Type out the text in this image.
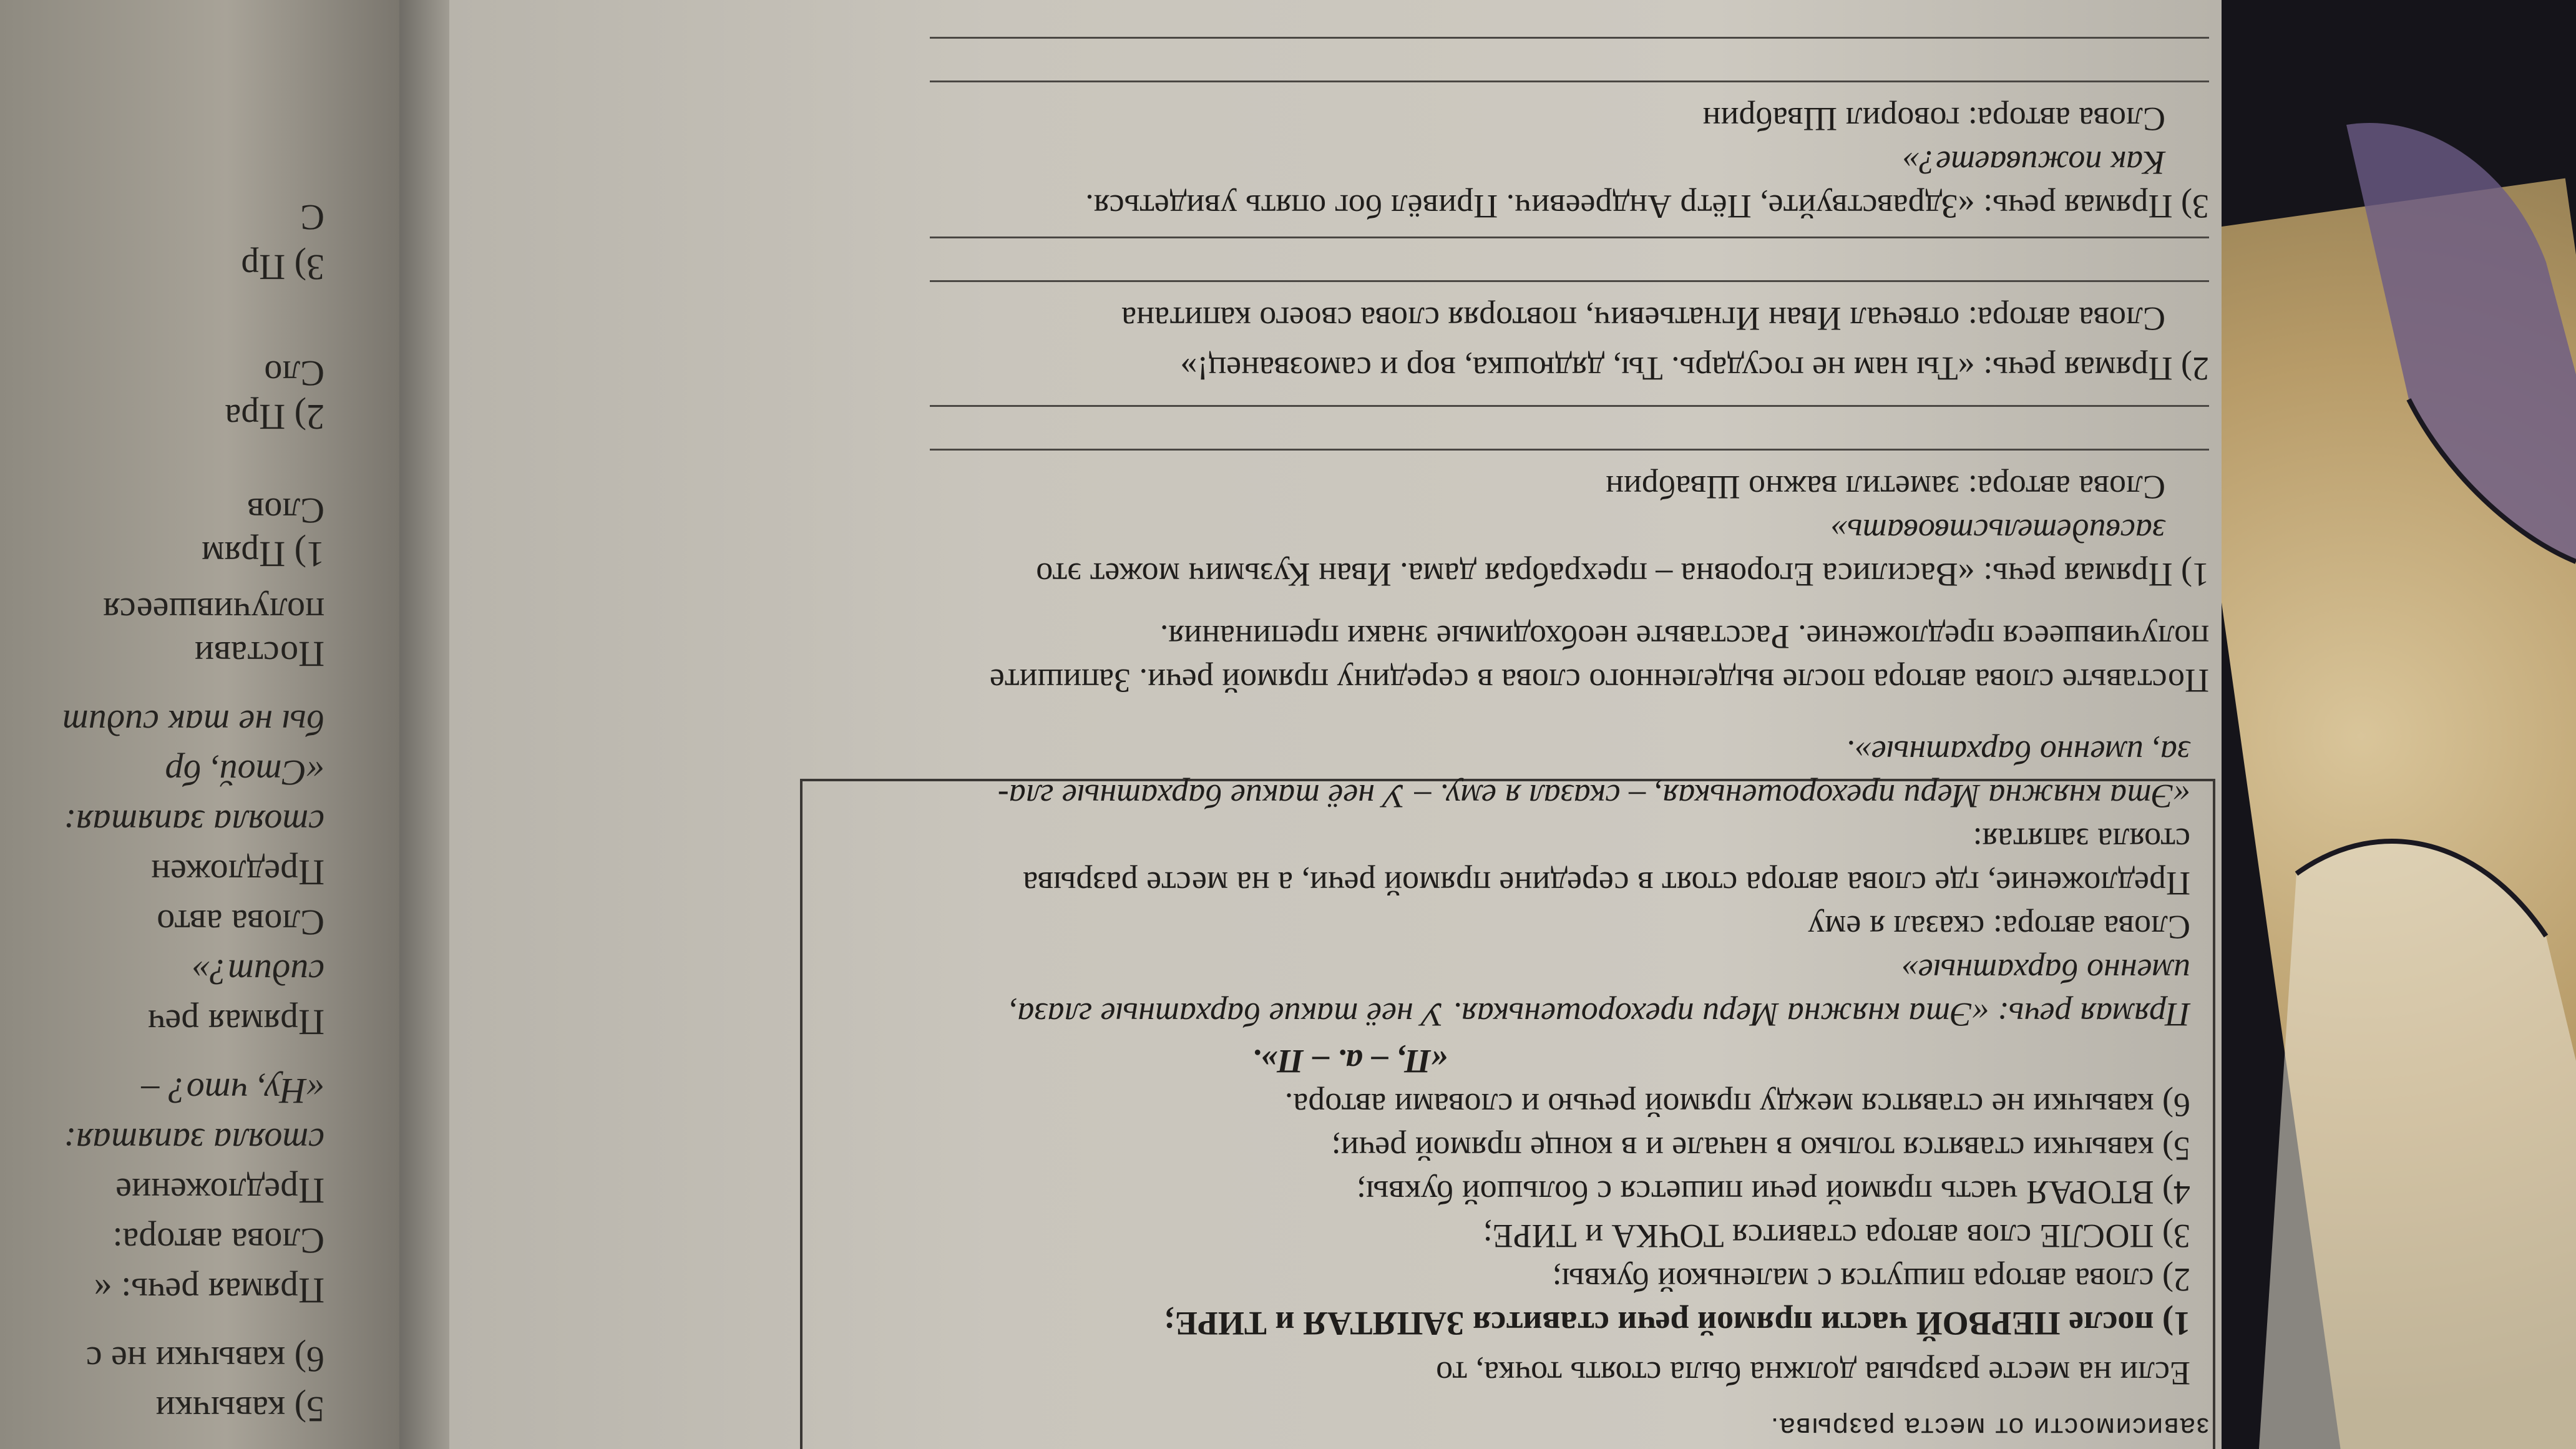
5) кавычки
6) кавычки не с
Прямая речь: «
Слова автора:
Предложение
стояла запятая:
«Ну, что? –
Прямая реч
сидит?»
Слова авто
Предложен
стояла запятая:
«Стой, бр
бы не так сидит
Постави
получившееся
1) Прям
Слов
2) Пра
Сло
3) Пр
С
зависимости от места разрыва.
Если на месте разрыва должна была стоять точка, то
1) после ПЕРВОЙ части прямой речи ставится ЗАПЯТАЯ и ТИРЕ;
2) слова автора пишутся с маленькой буквы;
3) ПОСЛЕ слов автора ставится ТОЧКА и ТИРЕ;
4) ВТОРАЯ часть прямой речи пишется с большой буквы;
5) кавычки ставятся только в начале и в конце прямой речи;
6) кавычки не ставятся между прямой речью и словами автора.
«П, – а. – П».
Прямая речь: «Эта княжна Мери прехорошенькая. У неё такие бархатные глаза,
именно бархатные»
Слова автора: сказал я ему
Предложение, где слова автора стоят в середине прямой речи, а на месте разрыва
стояла запятая:
«Эта княжна Мери прехорошенькая, – сказал я ему. – У неё такие бархатные гла-
за, именно бархатные».
Поставьте слова автора после выделенного слова в середину прямой речи. Запишите
получившееся предложение. Расставьте необходимые знаки препинания.
1) Прямая речь: «Василиса Егоровна – прехрабрая дама. Иван Кузьмич может это
засвидетельствовать»
Слова автора: заметил важно Швабрин
2) Прямая речь: «Ты нам не государь. Ты, дядюшка, вор и самозванец!»
Слова автора: отвечал Иван Игнатьевич, повторяя слова своего капитана
3) Прямая речь: «Здравствуйте, Пётр Андреевич. Привёл бог опять увидеться.
Как поживаете?»
Слова автора: говорил Швабрин
